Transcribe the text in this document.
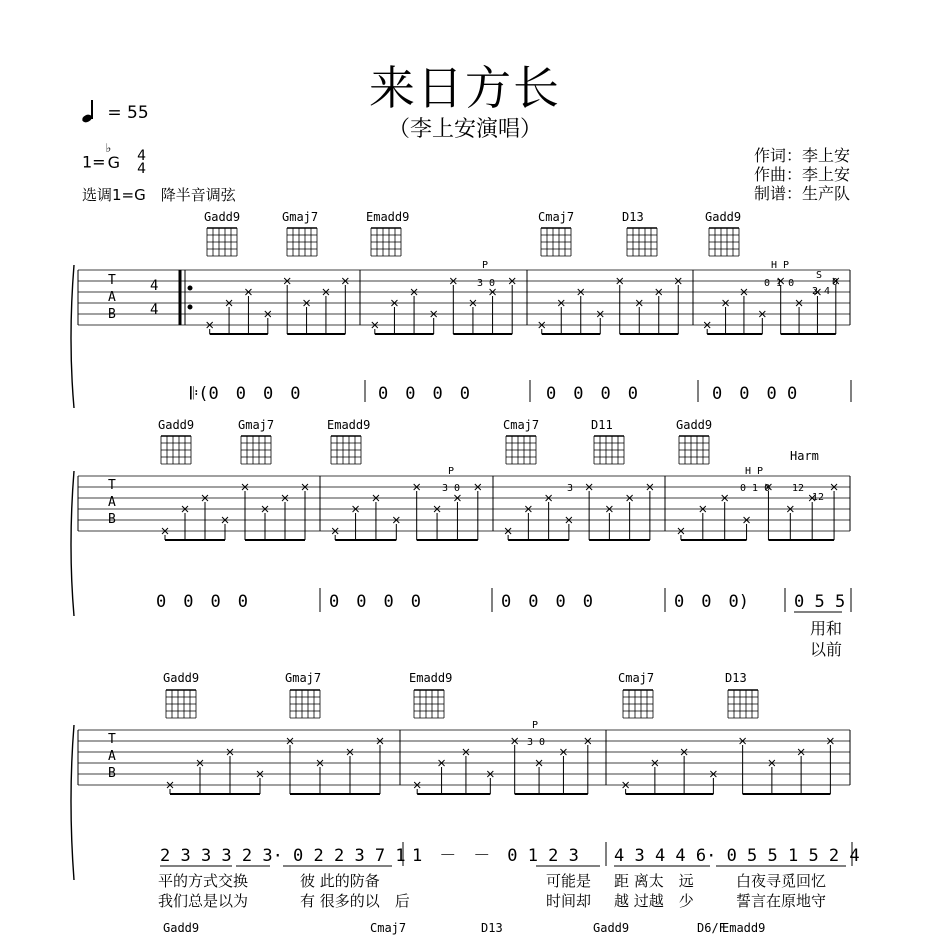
来日方长
（李上安演唱）
= 55
1=
♭
G 4
4
选调1=G　降半音调弦
作词：李上安
作曲：李上安
制谱：生产队
Gadd9	Gmaj7	Emadd9	Cmaj7	D13	Gadd9
Gadd9	Gmaj7	Emadd9	Cmaj7	D11	Gadd9
Gadd9	Gmaj7	Emadd9	Cmaj7	D13
Gadd9	Cmaj7	D13	Gadd9	D6/F
Emadd9
T
A
B
4
4
T
A
B
T
A
B
P
3 0
H P
0 1 0
S
2 4
0
P
3 0	3
H P
0 1 0
Harm
12
12
P
3 0
𝄆(0　0　0　0	0　0　0　0	0　0　0　0	0　0　0 0
0　0　0　0	0　0　0　0	0　0　0　0	0　0　0)	0 5 5
用和
以前
2 3 3 3 2 3· 0 2 2 3 7 1 1　－　－　0 1 2 3 4 3 4 4 6· 0 5 5 1 5 2 4
平的方式交换	彼 此的防备	可能是 距 离太　远	白夜寻觅回忆
我们总是以为	有 很多的以　后	时间却 越 过越　少	誓言在原地守
